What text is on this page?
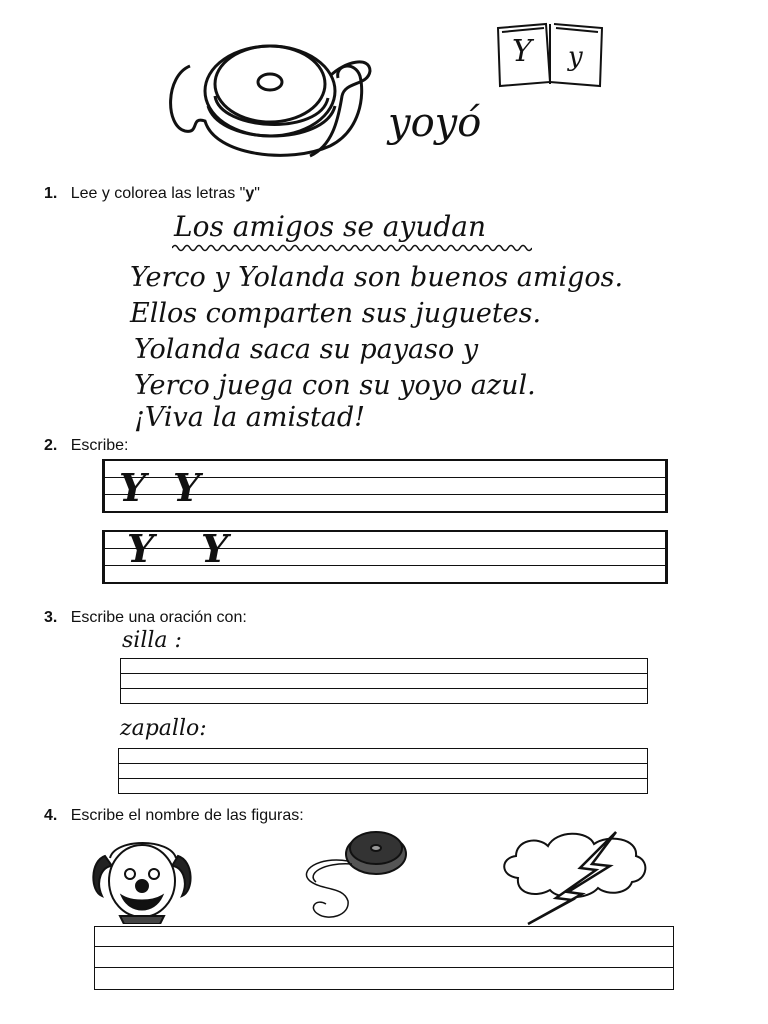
yoyó
Y y
1. Lee y colorea las letras "y"
Los amigos se ayudan
Yerco y Yolanda son buenos amigos.
Ellos comparten sus juguetes.
Yolanda saca su payaso y
Yerco juega con su yoyo azul.
¡Viva la amistad!
2. Escribe:
Y Y
Y Y
3. Escribe una oración con:
silla :
zapallo:
4. Escribe el nombre de las figuras:
